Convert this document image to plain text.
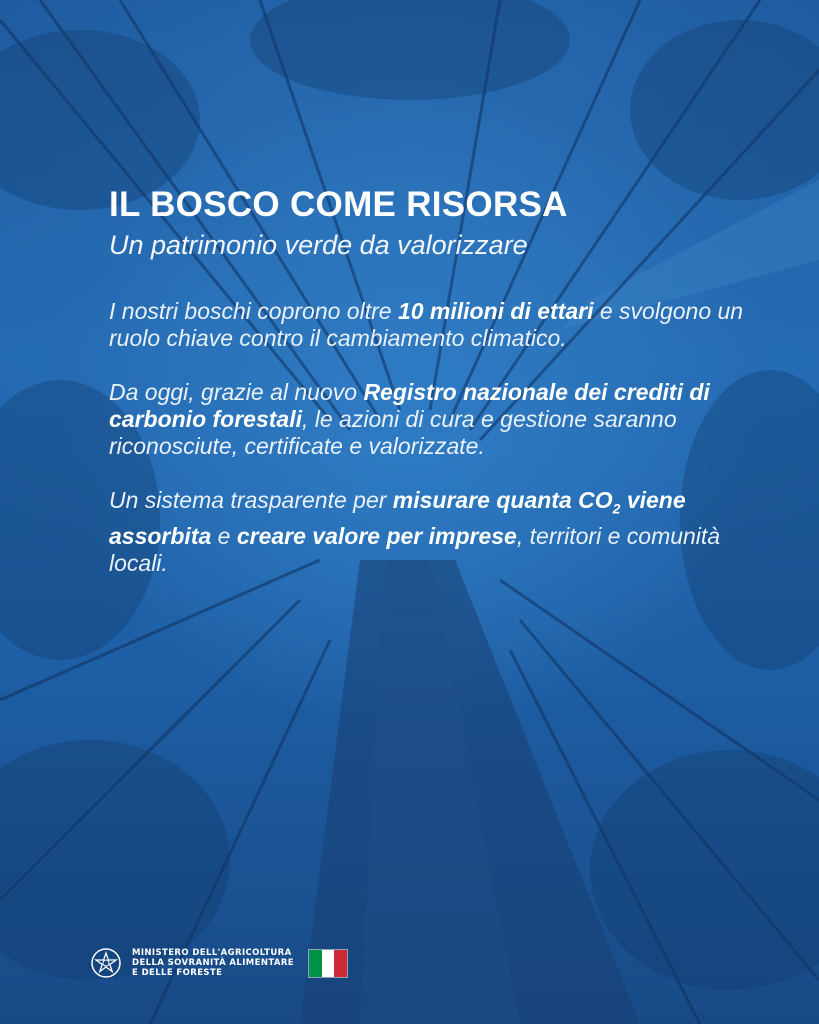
IL BOSCO COME RISORSA
Un patrimonio verde da valorizzare

I nostri boschi coprono oltre 10 milioni di ettari e svolgono un ruolo chiave contro il cambiamento climatico.

Da oggi, grazie al nuovo Registro nazionale dei crediti di carbonio forestali, le azioni di cura e gestione saranno riconosciute, certificate e valorizzate.

Un sistema trasparente per misurare quanta $CO_2$ viene assorbita e creare valore per imprese, territori e comunità locali.

MINISTERO DELL'AGRICOLTURA
DELLA SOVRANITÀ ALIMENTARE
E DELLE FORESTE
